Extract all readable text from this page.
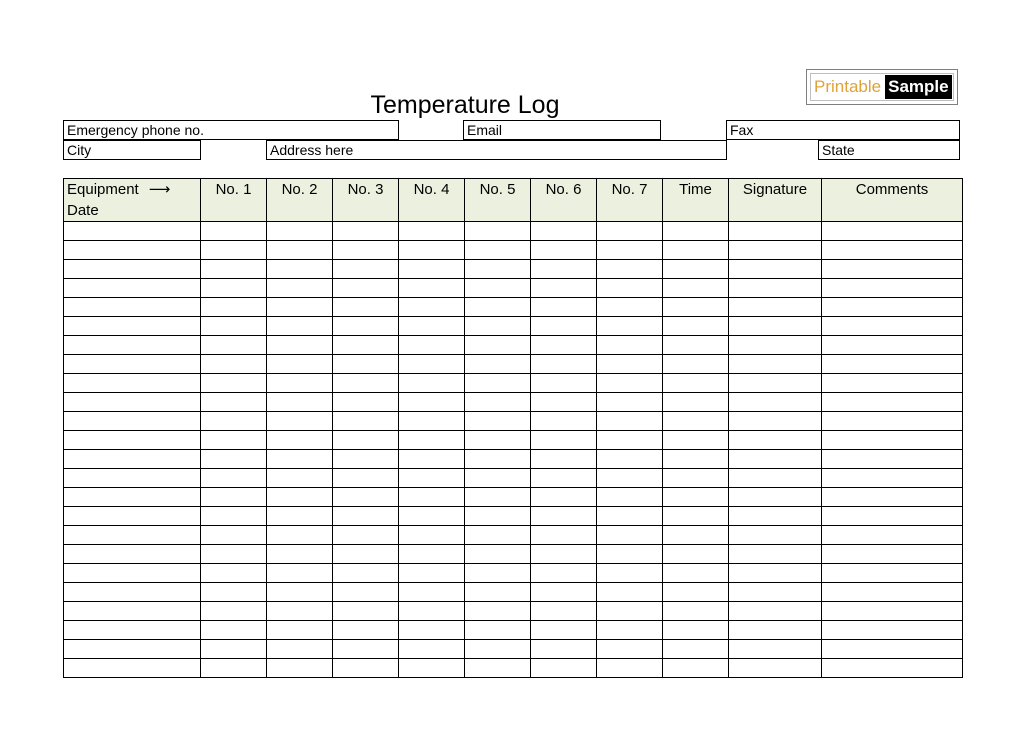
Printable Sample
Temperature Log
Emergency phone no.	Email	Fax
City	Address here	State
Equipment ⟶
Date	No. 1	No. 2	No. 3	No. 4	No. 5	No. 6	No. 7	Time	Signature	Comments
